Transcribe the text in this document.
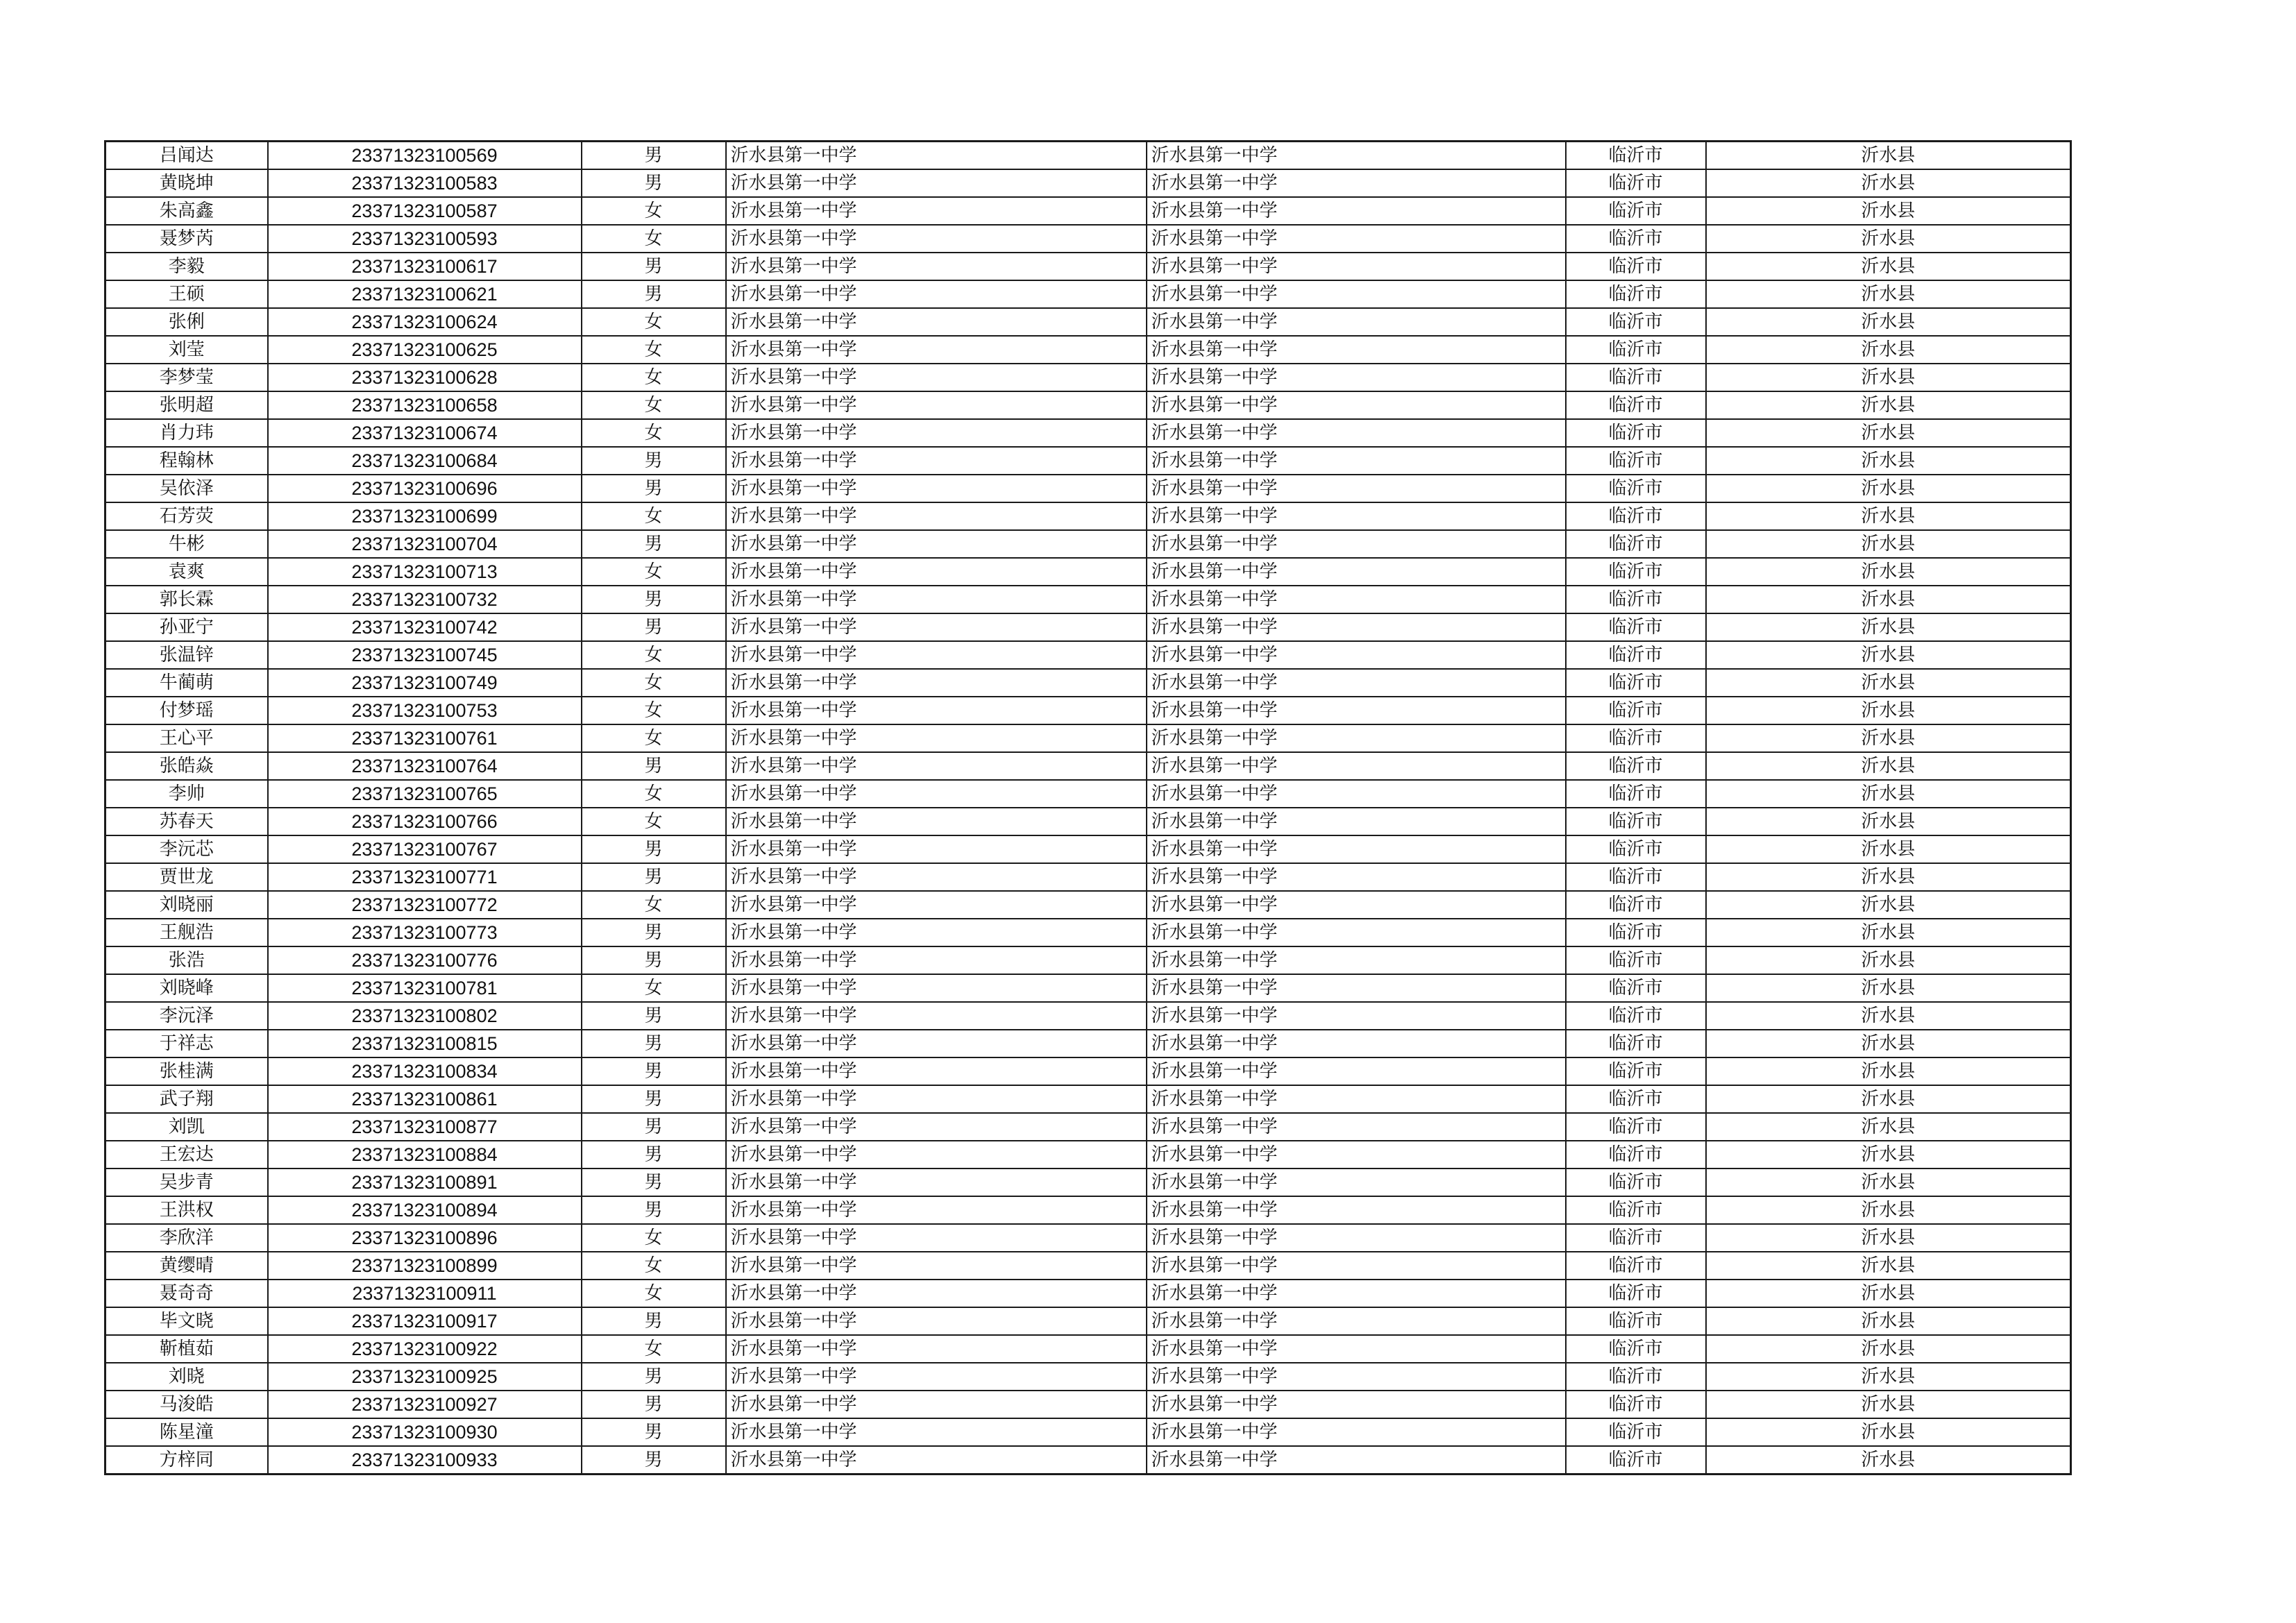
吕闻达	23371323100569	男	沂水县第一中学	沂水县第一中学	临沂市	沂水县
黄晓坤	23371323100583	男	沂水县第一中学	沂水县第一中学	临沂市	沂水县
朱高鑫	23371323100587	女	沂水县第一中学	沂水县第一中学	临沂市	沂水县
聂梦芮	23371323100593	女	沂水县第一中学	沂水县第一中学	临沂市	沂水县
李毅	23371323100617	男	沂水县第一中学	沂水县第一中学	临沂市	沂水县
王硕	23371323100621	男	沂水县第一中学	沂水县第一中学	临沂市	沂水县
张俐	23371323100624	女	沂水县第一中学	沂水县第一中学	临沂市	沂水县
刘莹	23371323100625	女	沂水县第一中学	沂水县第一中学	临沂市	沂水县
李梦莹	23371323100628	女	沂水县第一中学	沂水县第一中学	临沂市	沂水县
张明超	23371323100658	女	沂水县第一中学	沂水县第一中学	临沂市	沂水县
肖力玮	23371323100674	女	沂水县第一中学	沂水县第一中学	临沂市	沂水县
程翰林	23371323100684	男	沂水县第一中学	沂水县第一中学	临沂市	沂水县
吴依泽	23371323100696	男	沂水县第一中学	沂水县第一中学	临沂市	沂水县
石芳荧	23371323100699	女	沂水县第一中学	沂水县第一中学	临沂市	沂水县
牛彬	23371323100704	男	沂水县第一中学	沂水县第一中学	临沂市	沂水县
袁爽	23371323100713	女	沂水县第一中学	沂水县第一中学	临沂市	沂水县
郭长霖	23371323100732	男	沂水县第一中学	沂水县第一中学	临沂市	沂水县
孙亚宁	23371323100742	男	沂水县第一中学	沂水县第一中学	临沂市	沂水县
张温锌	23371323100745	女	沂水县第一中学	沂水县第一中学	临沂市	沂水县
牛蔺萌	23371323100749	女	沂水县第一中学	沂水县第一中学	临沂市	沂水县
付梦瑶	23371323100753	女	沂水县第一中学	沂水县第一中学	临沂市	沂水县
王心平	23371323100761	女	沂水县第一中学	沂水县第一中学	临沂市	沂水县
张皓焱	23371323100764	男	沂水县第一中学	沂水县第一中学	临沂市	沂水县
李帅	23371323100765	女	沂水县第一中学	沂水县第一中学	临沂市	沂水县
苏春天	23371323100766	女	沂水县第一中学	沂水县第一中学	临沂市	沂水县
李沅芯	23371323100767	男	沂水县第一中学	沂水县第一中学	临沂市	沂水县
贾世龙	23371323100771	男	沂水县第一中学	沂水县第一中学	临沂市	沂水县
刘晓丽	23371323100772	女	沂水县第一中学	沂水县第一中学	临沂市	沂水县
王舰浩	23371323100773	男	沂水县第一中学	沂水县第一中学	临沂市	沂水县
张浩	23371323100776	男	沂水县第一中学	沂水县第一中学	临沂市	沂水县
刘晓峰	23371323100781	女	沂水县第一中学	沂水县第一中学	临沂市	沂水县
李沅泽	23371323100802	男	沂水县第一中学	沂水县第一中学	临沂市	沂水县
于祥志	23371323100815	男	沂水县第一中学	沂水县第一中学	临沂市	沂水县
张桂满	23371323100834	男	沂水县第一中学	沂水县第一中学	临沂市	沂水县
武子翔	23371323100861	男	沂水县第一中学	沂水县第一中学	临沂市	沂水县
刘凯	23371323100877	男	沂水县第一中学	沂水县第一中学	临沂市	沂水县
王宏达	23371323100884	男	沂水县第一中学	沂水县第一中学	临沂市	沂水县
吴步青	23371323100891	男	沂水县第一中学	沂水县第一中学	临沂市	沂水县
王洪权	23371323100894	男	沂水县第一中学	沂水县第一中学	临沂市	沂水县
李欣洋	23371323100896	女	沂水县第一中学	沂水县第一中学	临沂市	沂水县
黄缨晴	23371323100899	女	沂水县第一中学	沂水县第一中学	临沂市	沂水县
聂奇奇	23371323100911	女	沂水县第一中学	沂水县第一中学	临沂市	沂水县
毕文晓	23371323100917	男	沂水县第一中学	沂水县第一中学	临沂市	沂水县
靳植茹	23371323100922	女	沂水县第一中学	沂水县第一中学	临沂市	沂水县
刘晓	23371323100925	男	沂水县第一中学	沂水县第一中学	临沂市	沂水县
马浚皓	23371323100927	男	沂水县第一中学	沂水县第一中学	临沂市	沂水县
陈星潼	23371323100930	男	沂水县第一中学	沂水县第一中学	临沂市	沂水县
方梓同	23371323100933	男	沂水县第一中学	沂水县第一中学	临沂市	沂水县
